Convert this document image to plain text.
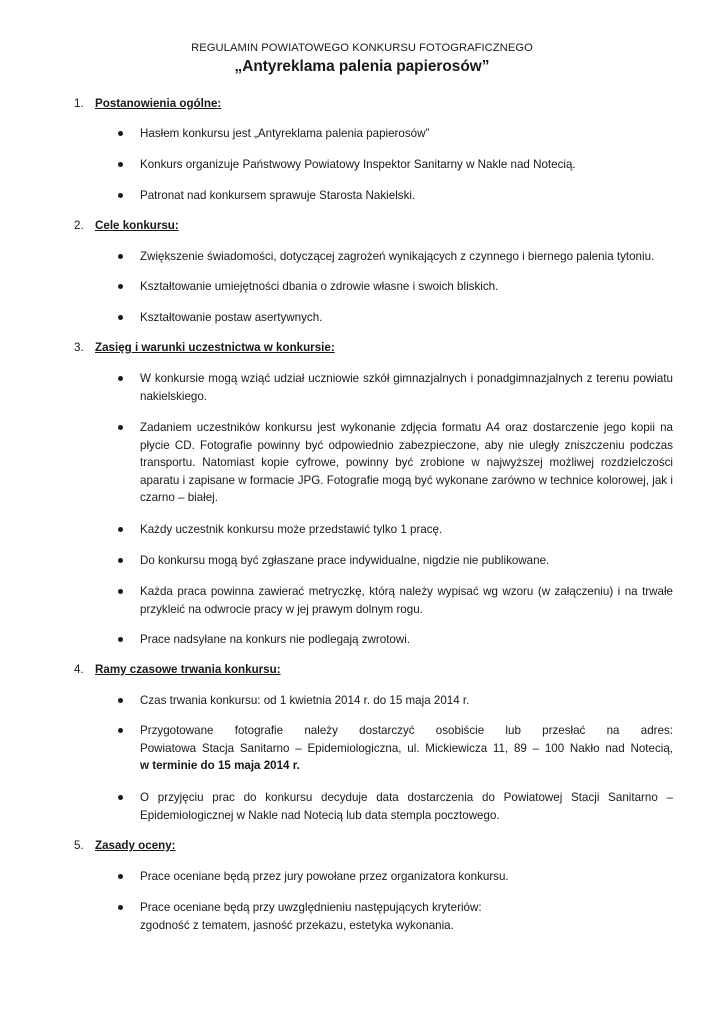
REGULAMIN POWIATOWEGO KONKURSU FOTOGRAFICZNEGO
„Antyreklama palenia papierosów”
1. Postanowienia ogólne:
Hasłem konkursu jest „Antyreklama palenia papierosów”
Konkurs organizuje Państwowy Powiatowy Inspektor Sanitarny w Nakle nad Notecią.
Patronat nad konkursem sprawuje Starosta Nakielski.
2. Cele konkursu:
Zwiększenie świadomości, dotyczącej zagrożeń wynikających z czynnego i biernego palenia tytoniu.
Kształtowanie umiejętności dbania o zdrowie własne i swoich bliskich.
Kształtowanie postaw asertywnych.
3. Zasięg i warunki uczestnictwa w konkursie:
W konkursie mogą wziąć udział uczniowie szkół gimnazjalnych i ponadgimnazjalnych z terenu powiatu nakielskiego.
Zadaniem uczestników konkursu jest wykonanie zdjęcia formatu A4 oraz dostarczenie jego kopii na płycie CD. Fotografie powinny być odpowiednio zabezpieczone, aby nie uległy zniszczeniu podczas transportu. Natomiast kopie cyfrowe, powinny być zrobione w najwyższej możliwej rozdzielczości aparatu i zapisane w formacie JPG. Fotografie mogą być wykonane zarówno w technice kolorowej, jak i czarno – białej.
Każdy uczestnik konkursu może przedstawić tylko 1 pracę.
Do konkursu mogą być zgłaszane prace indywidualne, nigdzie nie publikowane.
Każda praca powinna zawierać metryczkę, którą należy wypisać wg wzoru (w załączeniu) i na trwałe przykleić na odwrocie pracy w jej prawym dolnym rogu.
Prace nadsyłane na konkurs nie podlegają zwrotowi.
4. Ramy czasowe trwania konkursu:
Czas trwania konkursu: od 1 kwietnia 2014 r. do 15 maja 2014 r.
Przygotowane fotografie należy dostarczyć osobiście lub przesłać na adres:
Powiatowa Stacja Sanitarno – Epidemiologiczna, ul. Mickiewicza 11, 89 – 100 Nakło nad Notecią,
w terminie do 15 maja 2014 r.
O przyjęciu prac do konkursu decyduje data dostarczenia do Powiatowej Stacji Sanitarno – Epidemiologicznej w Nakle nad Notecią lub data stempla pocztowego.
5. Zasady oceny:
Prace oceniane będą przez jury powołane przez organizatora konkursu.
Prace oceniane będą przy uwzględnieniu następujących kryteriów:
zgodność z tematem, jasność przekazu, estetyka wykonania.
